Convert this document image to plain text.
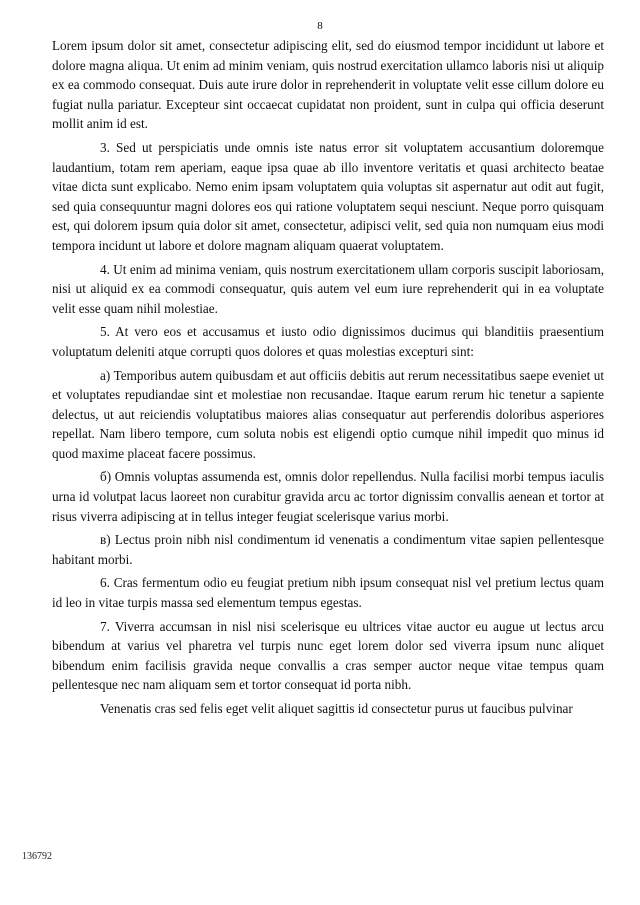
8

Lorem ipsum dolor sit amet, consectetur adipiscing elit, sed do eiusmod tempor incididunt ut labore et dolore magna aliqua. Ut enim ad minim veniam, quis nostrud exercitation ullamco laboris nisi ut aliquip ex ea commodo consequat. Duis aute irure dolor in reprehenderit in voluptate velit esse cillum dolore eu fugiat nulla pariatur. Excepteur sint occaecat cupidatat non proident, sunt in culpa qui officia deserunt mollit anim id est.

3. Sed ut perspiciatis unde omnis iste natus error sit voluptatem accusantium doloremque laudantium, totam rem aperiam, eaque ipsa quae ab illo inventore veritatis et quasi architecto beatae vitae dicta sunt explicabo. Nemo enim ipsam voluptatem quia voluptas sit aspernatur aut odit aut fugit, sed quia consequuntur magni dolores eos qui ratione voluptatem sequi nesciunt. Neque porro quisquam est, qui dolorem ipsum quia dolor sit amet, consectetur, adipisci velit, sed quia non numquam eius modi tempora incidunt ut labore et dolore magnam aliquam quaerat voluptatem.

4. Ut enim ad minima veniam, quis nostrum exercitationem ullam corporis suscipit laboriosam, nisi ut aliquid ex ea commodi consequatur, quis autem vel eum iure reprehenderit qui in ea voluptate velit esse quam nihil molestiae.

5. At vero eos et accusamus et iusto odio dignissimos ducimus qui blanditiis praesentium voluptatum deleniti atque corrupti quos dolores et quas molestias excepturi sint:

а) Temporibus autem quibusdam et aut officiis debitis aut rerum necessitatibus saepe eveniet ut et voluptates repudiandae sint et molestiae non recusandae. Itaque earum rerum hic tenetur a sapiente delectus, ut aut reiciendis voluptatibus maiores alias consequatur aut perferendis doloribus asperiores repellat. Nam libero tempore, cum soluta nobis est eligendi optio cumque nihil impedit quo minus id quod maxime placeat facere possimus.

б) Omnis voluptas assumenda est, omnis dolor repellendus. Nulla facilisi morbi tempus iaculis urna id volutpat lacus laoreet non curabitur gravida arcu ac tortor dignissim convallis aenean et tortor at risus viverra adipiscing at in tellus integer feugiat scelerisque varius morbi.

в) Lectus proin nibh nisl condimentum id venenatis a condimentum vitae sapien pellentesque habitant morbi.

6. Cras fermentum odio eu feugiat pretium nibh ipsum consequat nisl vel pretium lectus quam id leo in vitae turpis massa sed elementum tempus egestas.

7. Viverra accumsan in nisl nisi scelerisque eu ultrices vitae auctor eu augue ut lectus arcu bibendum at varius vel pharetra vel turpis nunc eget lorem dolor sed viverra ipsum nunc aliquet bibendum enim facilisis gravida neque convallis a cras semper auctor neque vitae tempus quam pellentesque nec nam aliquam sem et tortor consequat id porta nibh.

Venenatis cras sed felis eget velit aliquet sagittis id consectetur purus ut faucibus pulvinar

136792
